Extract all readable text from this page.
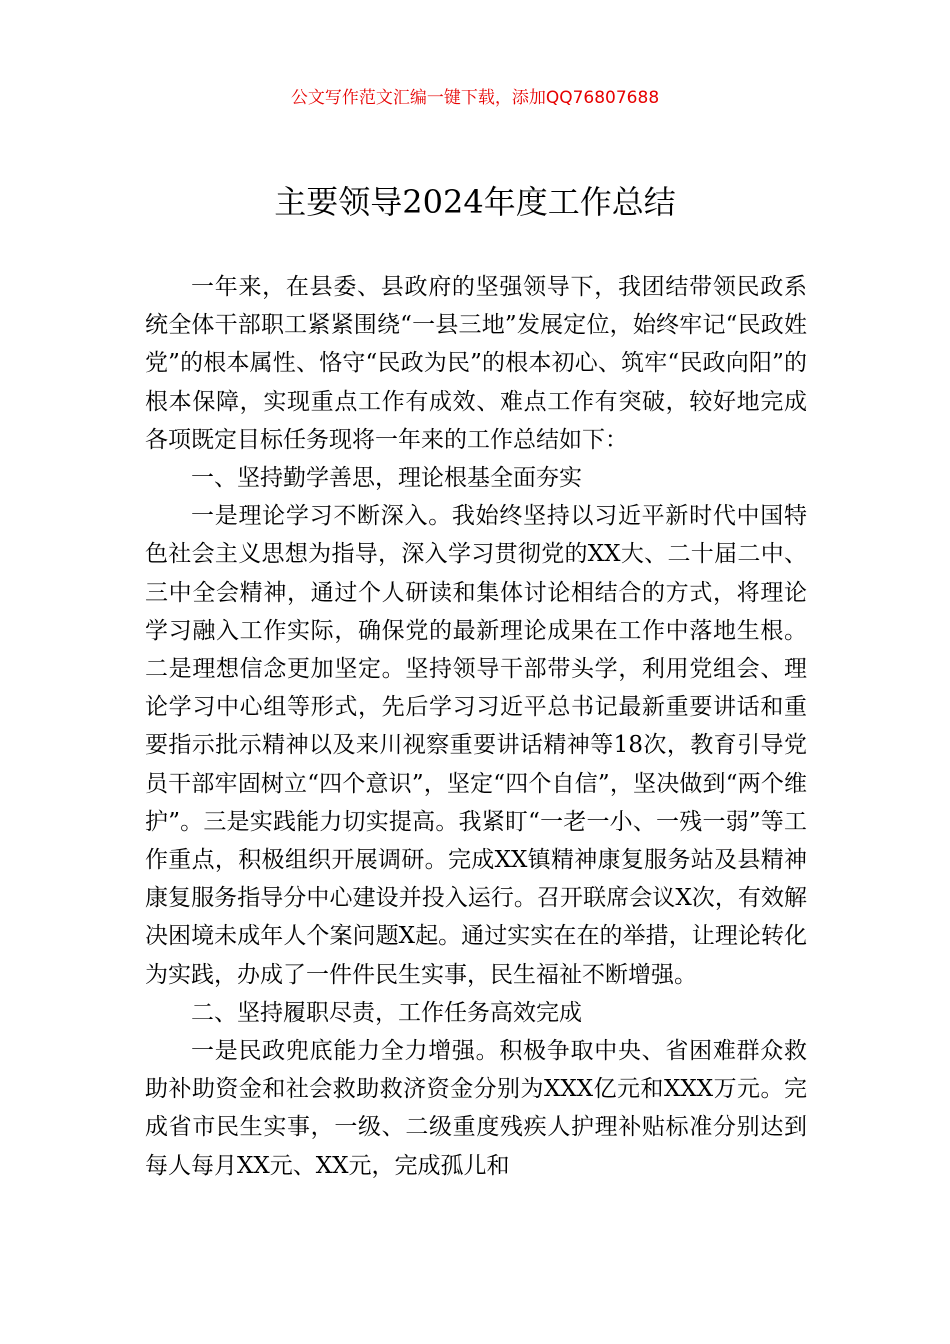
公文写作范文汇编一键下载，添加QQ76807688
主要领导2024年度工作总结

一年来，在县委、县政府的坚强领导下，我团结带领民政系统全体干部职工紧紧围绕“一县三地”发展定位，始终牢记“民政姓党”的根本属性、恪守“民政为民”的根本初心、筑牢“民政向阳”的根本保障，实现重点工作有成效、难点工作有突破，较好地完成各项既定目标任务现将一年来的工作总结如下：

一、坚持勤学善思，理论根基全面夯实

一是理论学习不断深入。我始终坚持以习近平新时代中国特色社会主义思想为指导，深入学习贯彻党的XX大、二十届二中、三中全会精神，通过个人研读和集体讨论相结合的方式，将理论学习融入工作实际，确保党的最新理论成果在工作中落地生根。二是理想信念更加坚定。坚持领导干部带头学，利用党组会、理论学习中心组等形式，先后学习习近平总书记最新重要讲话和重要指示批示精神以及来川视察重要讲话精神等18次，教育引导党员干部牢固树立“四个意识”，坚定“四个自信”，坚决做到“两个维护”。三是实践能力切实提高。我紧盯“一老一小、一残一弱”等工作重点，积极组织开展调研。完成XX镇精神康复服务站及县精神康复服务指导分中心建设并投入运行。召开联席会议X次，有效解决困境未成年人个案问题X起。通过实实在在的举措，让理论转化为实践，办成了一件件民生实事，民生福祉不断增强。

二、坚持履职尽责，工作任务高效完成

一是民政兜底能力全力增强。积极争取中央、省困难群众救助补助资金和社会救助救济资金分别为XXX亿元和XXX万元。完成省市民生实事，一级、二级重度残疾人护理补贴标准分别达到每人每月XX元、XX元，完成孤儿和
